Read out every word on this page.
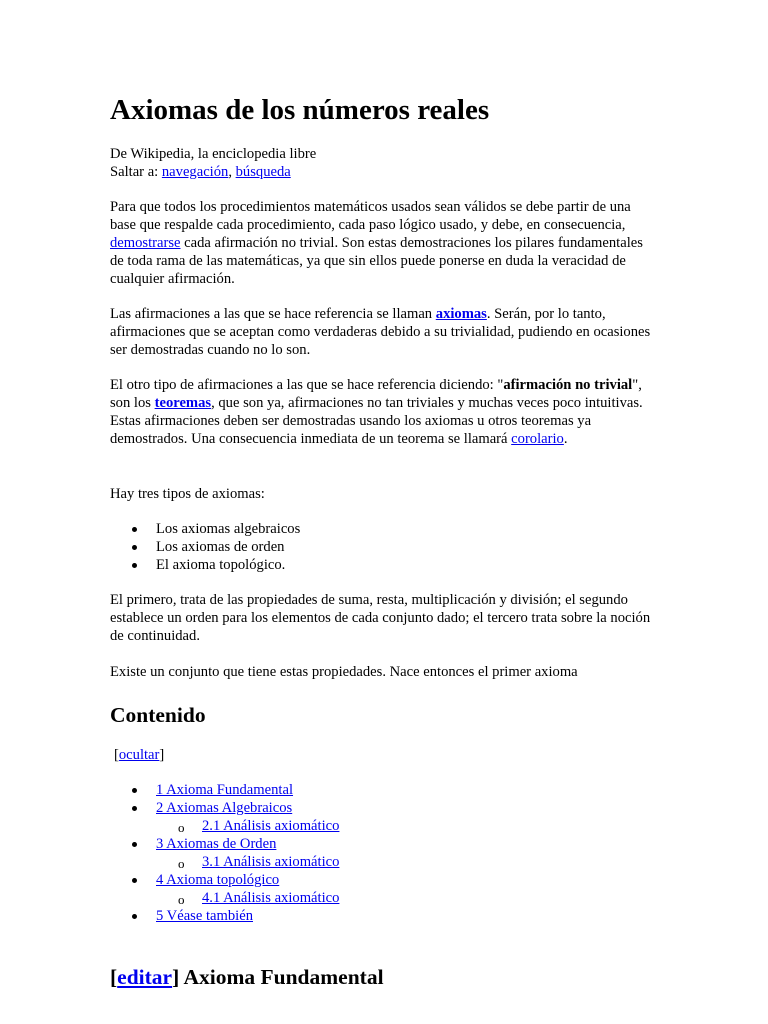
Axiomas de los números reales
De Wikipedia, la enciclopedia libre
Saltar a: navegación, búsqueda

Para que todos los procedimientos matemáticos usados sean válidos se debe partir de una base que respalde cada procedimiento, cada paso lógico usado, y debe, en consecuencia, demostrarse cada afirmación no trivial. Son estas demostraciones los pilares fundamentales de toda rama de las matemáticas, ya que sin ellos puede ponerse en duda la veracidad de cualquier afirmación.

Las afirmaciones a las que se hace referencia se llaman axiomas. Serán, por lo tanto, afirmaciones que se aceptan como verdaderas debido a su trivialidad, pudiendo en ocasiones ser demostradas cuando no lo son.

El otro tipo de afirmaciones a las que se hace referencia diciendo: "afirmación no trivial", son los teoremas, que son ya, afirmaciones no tan triviales y muchas veces poco intuitivas. Estas afirmaciones deben ser demostradas usando los axiomas u otros teoremas ya demostrados. Una consecuencia inmediata de un teorema se llamará corolario.

Hay tres tipos de axiomas:

Los axiomas algebraicos
Los axiomas de orden
El axioma topológico.

El primero, trata de las propiedades de suma, resta, multiplicación y división; el segundo establece un orden para los elementos de cada conjunto dado; el tercero trata sobre la noción de continuidad.

Existe un conjunto que tiene estas propiedades. Nace entonces el primer axioma

Contenido
[ocultar]
1 Axioma Fundamental
2 Axiomas Algebraicos
o 2.1 Análisis axiomático
3 Axiomas de Orden
o 3.1 Análisis axiomático
4 Axioma topológico
o 4.1 Análisis axiomático
5 Véase también
[editar] Axioma Fundamental
